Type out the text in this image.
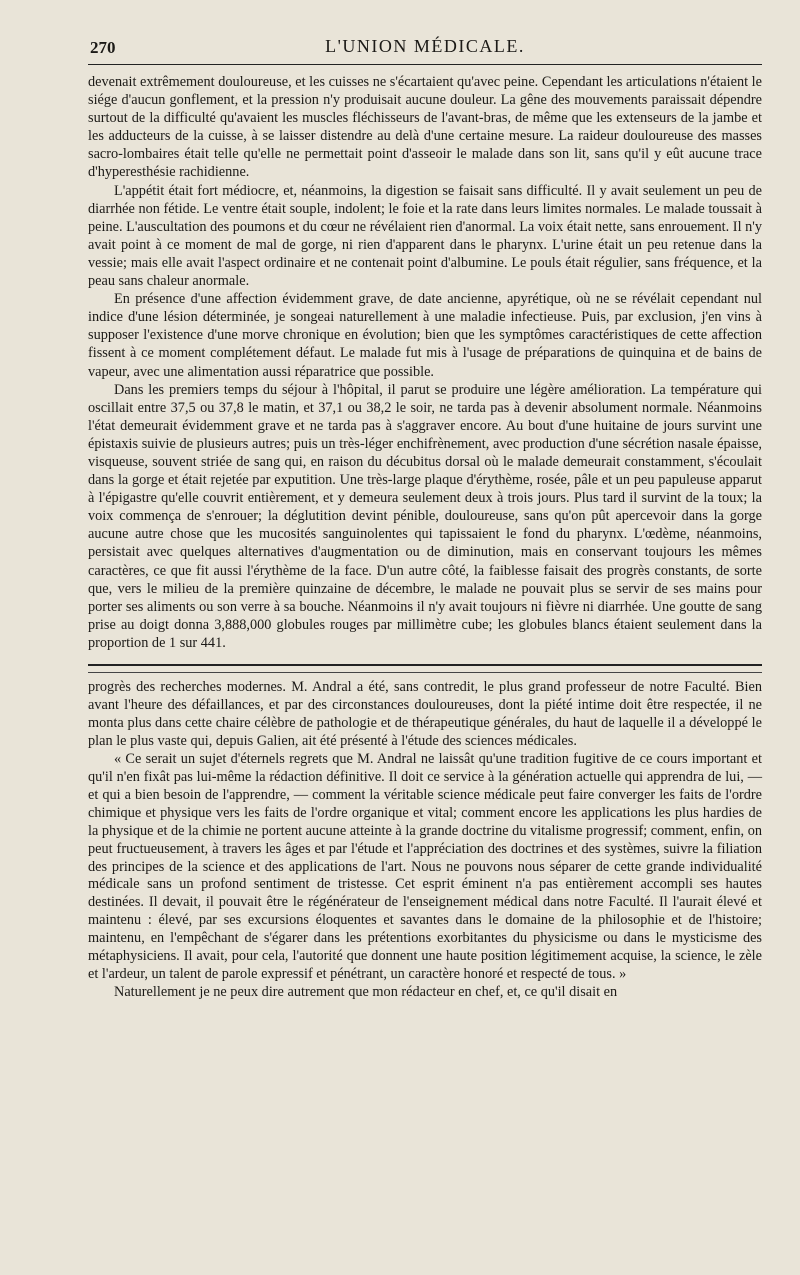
270	L'UNION MÉDICALE.

devenait extrêmement douloureuse, et les cuisses ne s'écartaient qu'avec peine. Cependant les articulations n'étaient le siége d'aucun gonflement, et la pression n'y produisait aucune douleur. La gêne des mouvements paraissait dépendre surtout de la difficulté qu'avaient les muscles fléchisseurs de l'avant-bras, de même que les extenseurs de la jambe et les adducteurs de la cuisse, à se laisser distendre au delà d'une certaine mesure. La raideur douloureuse des masses sacro-lombaires était telle qu'elle ne permettait point d'asseoir le malade dans son lit, sans qu'il y eût aucune trace d'hyperesthésie rachidienne.

L'appétit était fort médiocre, et, néanmoins, la digestion se faisait sans difficulté. Il y avait seulement un peu de diarrhée non fétide. Le ventre était souple, indolent; le foie et la rate dans leurs limites normales. Le malade toussait à peine. L'auscultation des poumons et du cœur ne révélaient rien d'anormal. La voix était nette, sans enrouement. Il n'y avait point à ce moment de mal de gorge, ni rien d'apparent dans le pharynx. L'urine était un peu retenue dans la vessie; mais elle avait l'aspect ordinaire et ne contenait point d'albumine. Le pouls était régulier, sans fréquence, et la peau sans chaleur anormale.

En présence d'une affection évidemment grave, de date ancienne, apyrétique, où ne se révélait cependant nul indice d'une lésion déterminée, je songeai naturellement à une maladie infectieuse. Puis, par exclusion, j'en vins à supposer l'existence d'une morve chronique en évolution; bien que les symptômes caractéristiques de cette affection fissent à ce moment complétement défaut. Le malade fut mis à l'usage de préparations de quinquina et de bains de vapeur, avec une alimentation aussi réparatrice que possible.

Dans les premiers temps du séjour à l'hôpital, il parut se produire une légère amélioration. La température qui oscillait entre 37,5 ou 37,8 le matin, et 37,1 ou 38,2 le soir, ne tarda pas à devenir absolument normale. Néanmoins l'état demeurait évidemment grave et ne tarda pas à s'aggraver encore. Au bout d'une huitaine de jours survint une épistaxis suivie de plusieurs autres; puis un très-léger enchifrènement, avec production d'une sécrétion nasale épaisse, visqueuse, souvent striée de sang qui, en raison du décubitus dorsal où le malade demeurait constamment, s'écoulait dans la gorge et était rejetée par exputition. Une très-large plaque d'érythème, rosée, pâle et un peu papuleuse apparut à l'épigastre qu'elle couvrit entièrement, et y demeura seulement deux à trois jours. Plus tard il survint de la toux; la voix commença de s'enrouer; la déglutition devint pénible, douloureuse, sans qu'on pût apercevoir dans la gorge aucune autre chose que les mucosités sanguinolentes qui tapissaient le fond du pharynx. L'œdème, néanmoins, persistait avec quelques alternatives d'augmentation ou de diminution, mais en conservant toujours les mêmes caractères, ce que fit aussi l'érythème de la face. D'un autre côté, la faiblesse faisait des progrès constants, de sorte que, vers le milieu de la première quinzaine de décembre, le malade ne pouvait plus se servir de ses mains pour porter ses aliments ou son verre à sa bouche. Néanmoins il n'y avait toujours ni fièvre ni diarrhée. Une goutte de sang prise au doigt donna 3,888,000 globules rouges par millimètre cube; les globules blancs étaient seulement dans la proportion de 1 sur 441.

progrès des recherches modernes. M. Andral a été, sans contredit, le plus grand professeur de notre Faculté. Bien avant l'heure des défaillances, et par des circonstances douloureuses, dont la piété intime doit être respectée, il ne monta plus dans cette chaire célèbre de pathologie et de thérapeutique générales, du haut de laquelle il a développé le plan le plus vaste qui, depuis Galien, ait été présenté à l'étude des sciences médicales.

« Ce serait un sujet d'éternels regrets que M. Andral ne laissât qu'une tradition fugitive de ce cours important et qu'il n'en fixât pas lui-même la rédaction définitive. Il doit ce service à la génération actuelle qui apprendra de lui, — et qui a bien besoin de l'apprendre, — comment la véritable science médicale peut faire converger les faits de l'ordre chimique et physique vers les faits de l'ordre organique et vital; comment encore les applications les plus hardies de la physique et de la chimie ne portent aucune atteinte à la grande doctrine du vitalisme progressif; comment, enfin, on peut fructueusement, à travers les âges et par l'étude et l'appréciation des doctrines et des systèmes, suivre la filiation des principes de la science et des applications de l'art. Nous ne pouvons nous séparer de cette grande individualité médicale sans un profond sentiment de tristesse. Cet esprit éminent n'a pas entièrement accompli ses hautes destinées. Il devait, il pouvait être le régénérateur de l'enseignement médical dans notre Faculté. Il l'aurait élevé et maintenu : élevé, par ses excursions éloquentes et savantes dans le domaine de la philosophie et de l'histoire; maintenu, en l'empêchant de s'égarer dans les prétentions exorbitantes du physicisme ou dans le mysticisme des métaphysiciens. Il avait, pour cela, l'autorité que donnent une haute position légitimement acquise, la science, le zèle et l'ardeur, un talent de parole expressif et pénétrant, un caractère honoré et respecté de tous. »

Naturellement je ne peux dire autrement que mon rédacteur en chef, et, ce qu'il disait en
